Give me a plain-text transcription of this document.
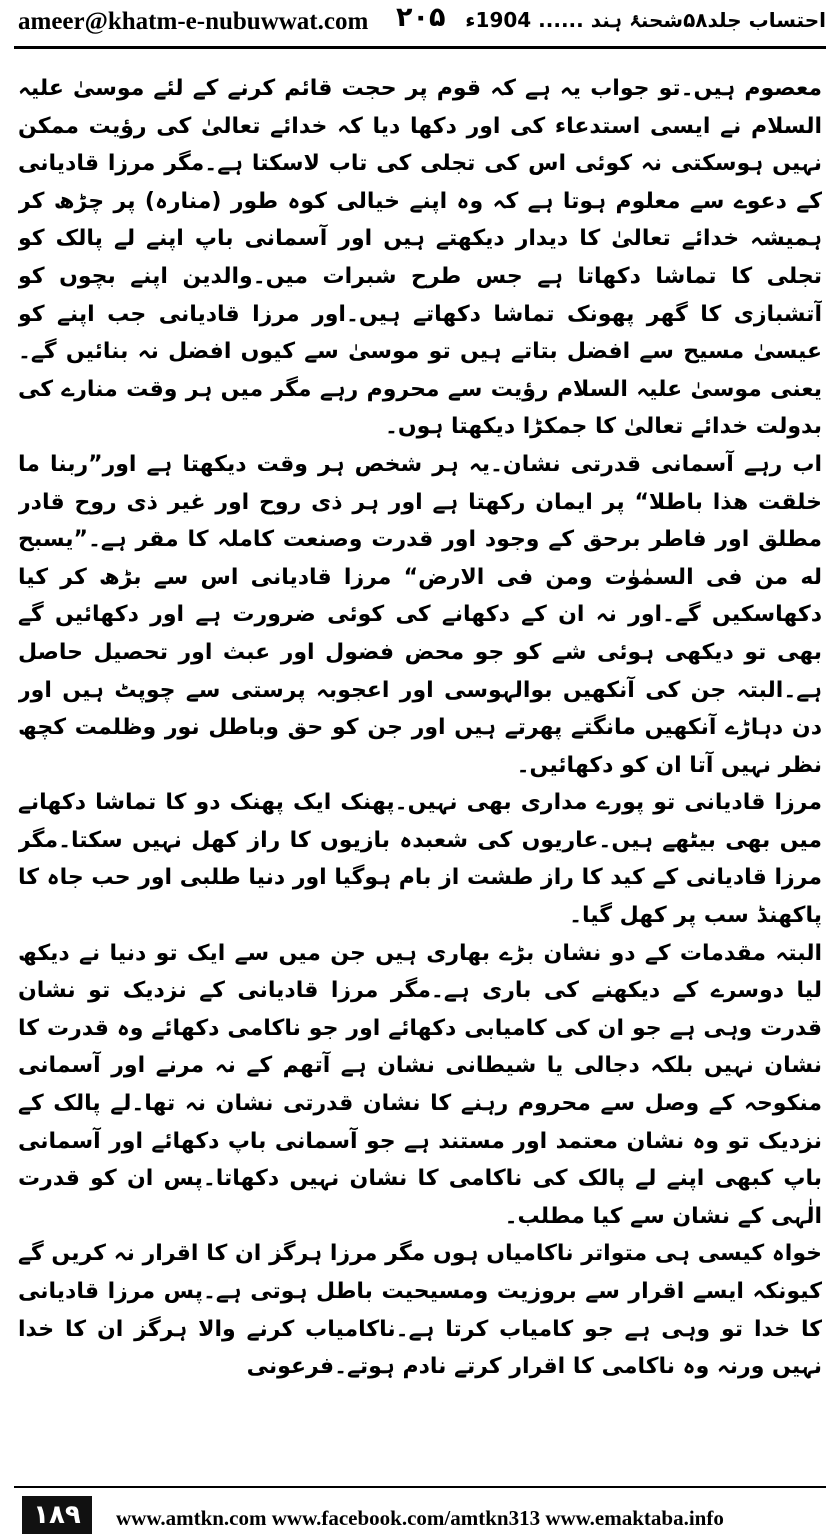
ameer@khatm-e-nubuwwat.com ۲۰۵ احتساب جلد۵۸شحنۂ ہند ...... 1904ء

معصوم ہیں۔تو جواب یہ ہے کہ قوم پر حجت قائم کرنے کے لئے موسیٰ علیہ السلام نے ایسی استدعاء کی اور دکھا دیا کہ خدائے تعالیٰ کی رؤیت ممکن نہیں ہوسکتی نہ کوئی اس کی تجلی کی تاب لاسکتا ہے۔مگر مرزا قادیانی کے دعوے سے معلوم ہوتا ہے کہ وہ اپنے خیالی کوہ طور (منارہ) پر چڑھ کر ہمیشہ خدائے تعالیٰ کا دیدار دیکھتے ہیں اور آسمانی باپ اپنے لے پالک کو تجلی کا تماشا دکھاتا ہے جس طرح شبرات میں۔والدین اپنے بچوں کو آتشبازی کا گھر پھونک تماشا دکھاتے ہیں۔اور مرزا قادیانی جب اپنے کو عیسیٰ مسیح سے افضل بتاتے ہیں تو موسیٰ سے کیوں افضل نہ بنائیں گے۔یعنی موسیٰ علیہ السلام رؤیت سے محروم رہے مگر میں ہر وقت منارے کی بدولت خدائے تعالیٰ کا جمکڑا دیکھتا ہوں۔

اب رہے آسمانی قدرتی نشان۔یہ ہر شخص ہر وقت دیکھتا ہے اور”ربنا ما خلقت ھذا باطلا“ پر ایمان رکھتا ہے اور ہر ذی روح اور غیر ذی روح قادر مطلق اور فاطر برحق کے وجود اور قدرت وصنعت کاملہ کا مقر ہے۔”یسبح له من فی السمٰوٰت ومن فی الارض“ مرزا قادیانی اس سے بڑھ کر کیا دکھاسکیں گے۔اور نہ ان کے دکھانے کی کوئی ضرورت ہے اور دکھائیں گے بھی تو دیکھی ہوئی شے کو جو محض فضول اور عبث اور تحصیل حاصل ہے۔البتہ جن کی آنکھیں بوالہوسی اور اعجوبہ پرستی سے چوپٹ ہیں اور دن دہاڑے آنکھیں مانگتے پھرتے ہیں اور جن کو حق وباطل نور وظلمت کچھ نظر نہیں آتا ان کو دکھائیں۔

مرزا قادیانی تو پورے مداری بھی نہیں۔پھنک ایک پھنک دو کا تماشا دکھانے میں بھی بیٹھے ہیں۔عاریوں کی شعبدہ بازیوں کا راز کھل نہیں سکتا۔مگر مرزا قادیانی کے کید کا راز طشت از بام ہوگیا اور دنیا طلبی اور حب جاہ کا پاکھنڈ سب پر کھل گیا۔

البتہ مقدمات کے دو نشان بڑے بھاری ہیں جن میں سے ایک تو دنیا نے دیکھ لیا دوسرے کے دیکھنے کی باری ہے۔مگر مرزا قادیانی کے نزدیک تو نشان قدرت وہی ہے جو ان کی کامیابی دکھائے اور جو ناکامی دکھائے وہ قدرت کا نشان نہیں بلکہ دجالی یا شیطانی نشان ہے آتھم کے نہ مرنے اور آسمانی منکوحہ کے وصل سے محروم رہنے کا نشان قدرتی نشان نہ تھا۔لے پالک کے نزدیک تو وہ نشان معتمد اور مستند ہے جو آسمانی باپ دکھائے اور آسمانی باپ کبھی اپنے لے پالک کی ناکامی کا نشان نہیں دکھاتا۔پس ان کو قدرت الٰہی کے نشان سے کیا مطلب۔

خواہ کیسی ہی متواتر ناکامیاں ہوں مگر مرزا ہرگز ان کا اقرار نہ کریں گے کیونکہ ایسے اقرار سے بروزیت ومسیحیت باطل ہوتی ہے۔پس مرزا قادیانی کا خدا تو وہی ہے جو کامیاب کرتا ہے۔ناکامیاب کرنے والا ہرگز ان کا خدا نہیں ورنہ وہ ناکامی کا اقرار کرتے نادم ہوتے۔فرعونی

۱۸۹	www.amtkn.com www.facebook.com/amtkn313 www.emaktaba.info
